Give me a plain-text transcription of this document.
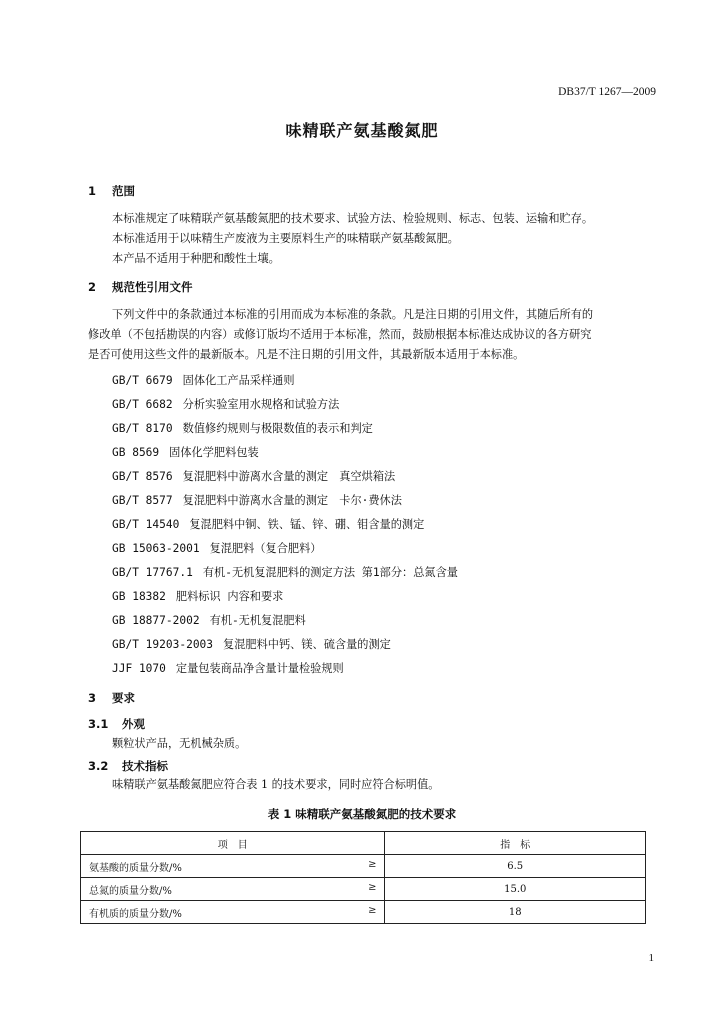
DB37/T 1267—2009
味精联产氨基酸氮肥
1 范围
本标准规定了味精联产氨基酸氮肥的技术要求、试验方法、检验规则、标志、包装、运输和贮存。
本标准适用于以味精生产废液为主要原料生产的味精联产氨基酸氮肥。
本产品不适用于种肥和酸性土壤。
2 规范性引用文件
下列文件中的条款通过本标准的引用而成为本标准的条款。凡是注日期的引用文件，其随后所有的
修改单（不包括勘误的内容）或修订版均不适用于本标准，然而，鼓励根据本标准达成协议的各方研究
是否可使用这些文件的最新版本。凡是不注日期的引用文件，其最新版本适用于本标准。
GB/T 6679 固体化工产品采样通则
GB/T 6682 分析实验室用水规格和试验方法
GB/T 8170 数值修约规则与极限数值的表示和判定
GB 8569 固体化学肥料包装
GB/T 8576 复混肥料中游离水含量的测定　真空烘箱法
GB/T 8577 复混肥料中游离水含量的测定　卡尔·费休法
GB/T 14540 复混肥料中铜、铁、锰、锌、硼、钼含量的测定
GB 15063-2001 复混肥料（复合肥料）
GB/T 17767.1 有机-无机复混肥料的测定方法 第1部分：总氮含量
GB 18382 肥料标识 内容和要求
GB 18877-2002 有机-无机复混肥料
GB/T 19203-2003 复混肥料中钙、镁、硫含量的测定
JJF 1070 定量包装商品净含量计量检验规则
3 要求
3.1 外观
颗粒状产品，无机械杂质。
3.2 技术指标
味精联产氨基酸氮肥应符合表 1 的技术要求，同时应符合标明值。
表 1 味精联产氨基酸氮肥的技术要求
项　目	指　标

氨基酸的质量分数/% ≥	6.5

总氮的质量分数/% ≥	15.0

有机质的质量分数/% ≥	18
1
